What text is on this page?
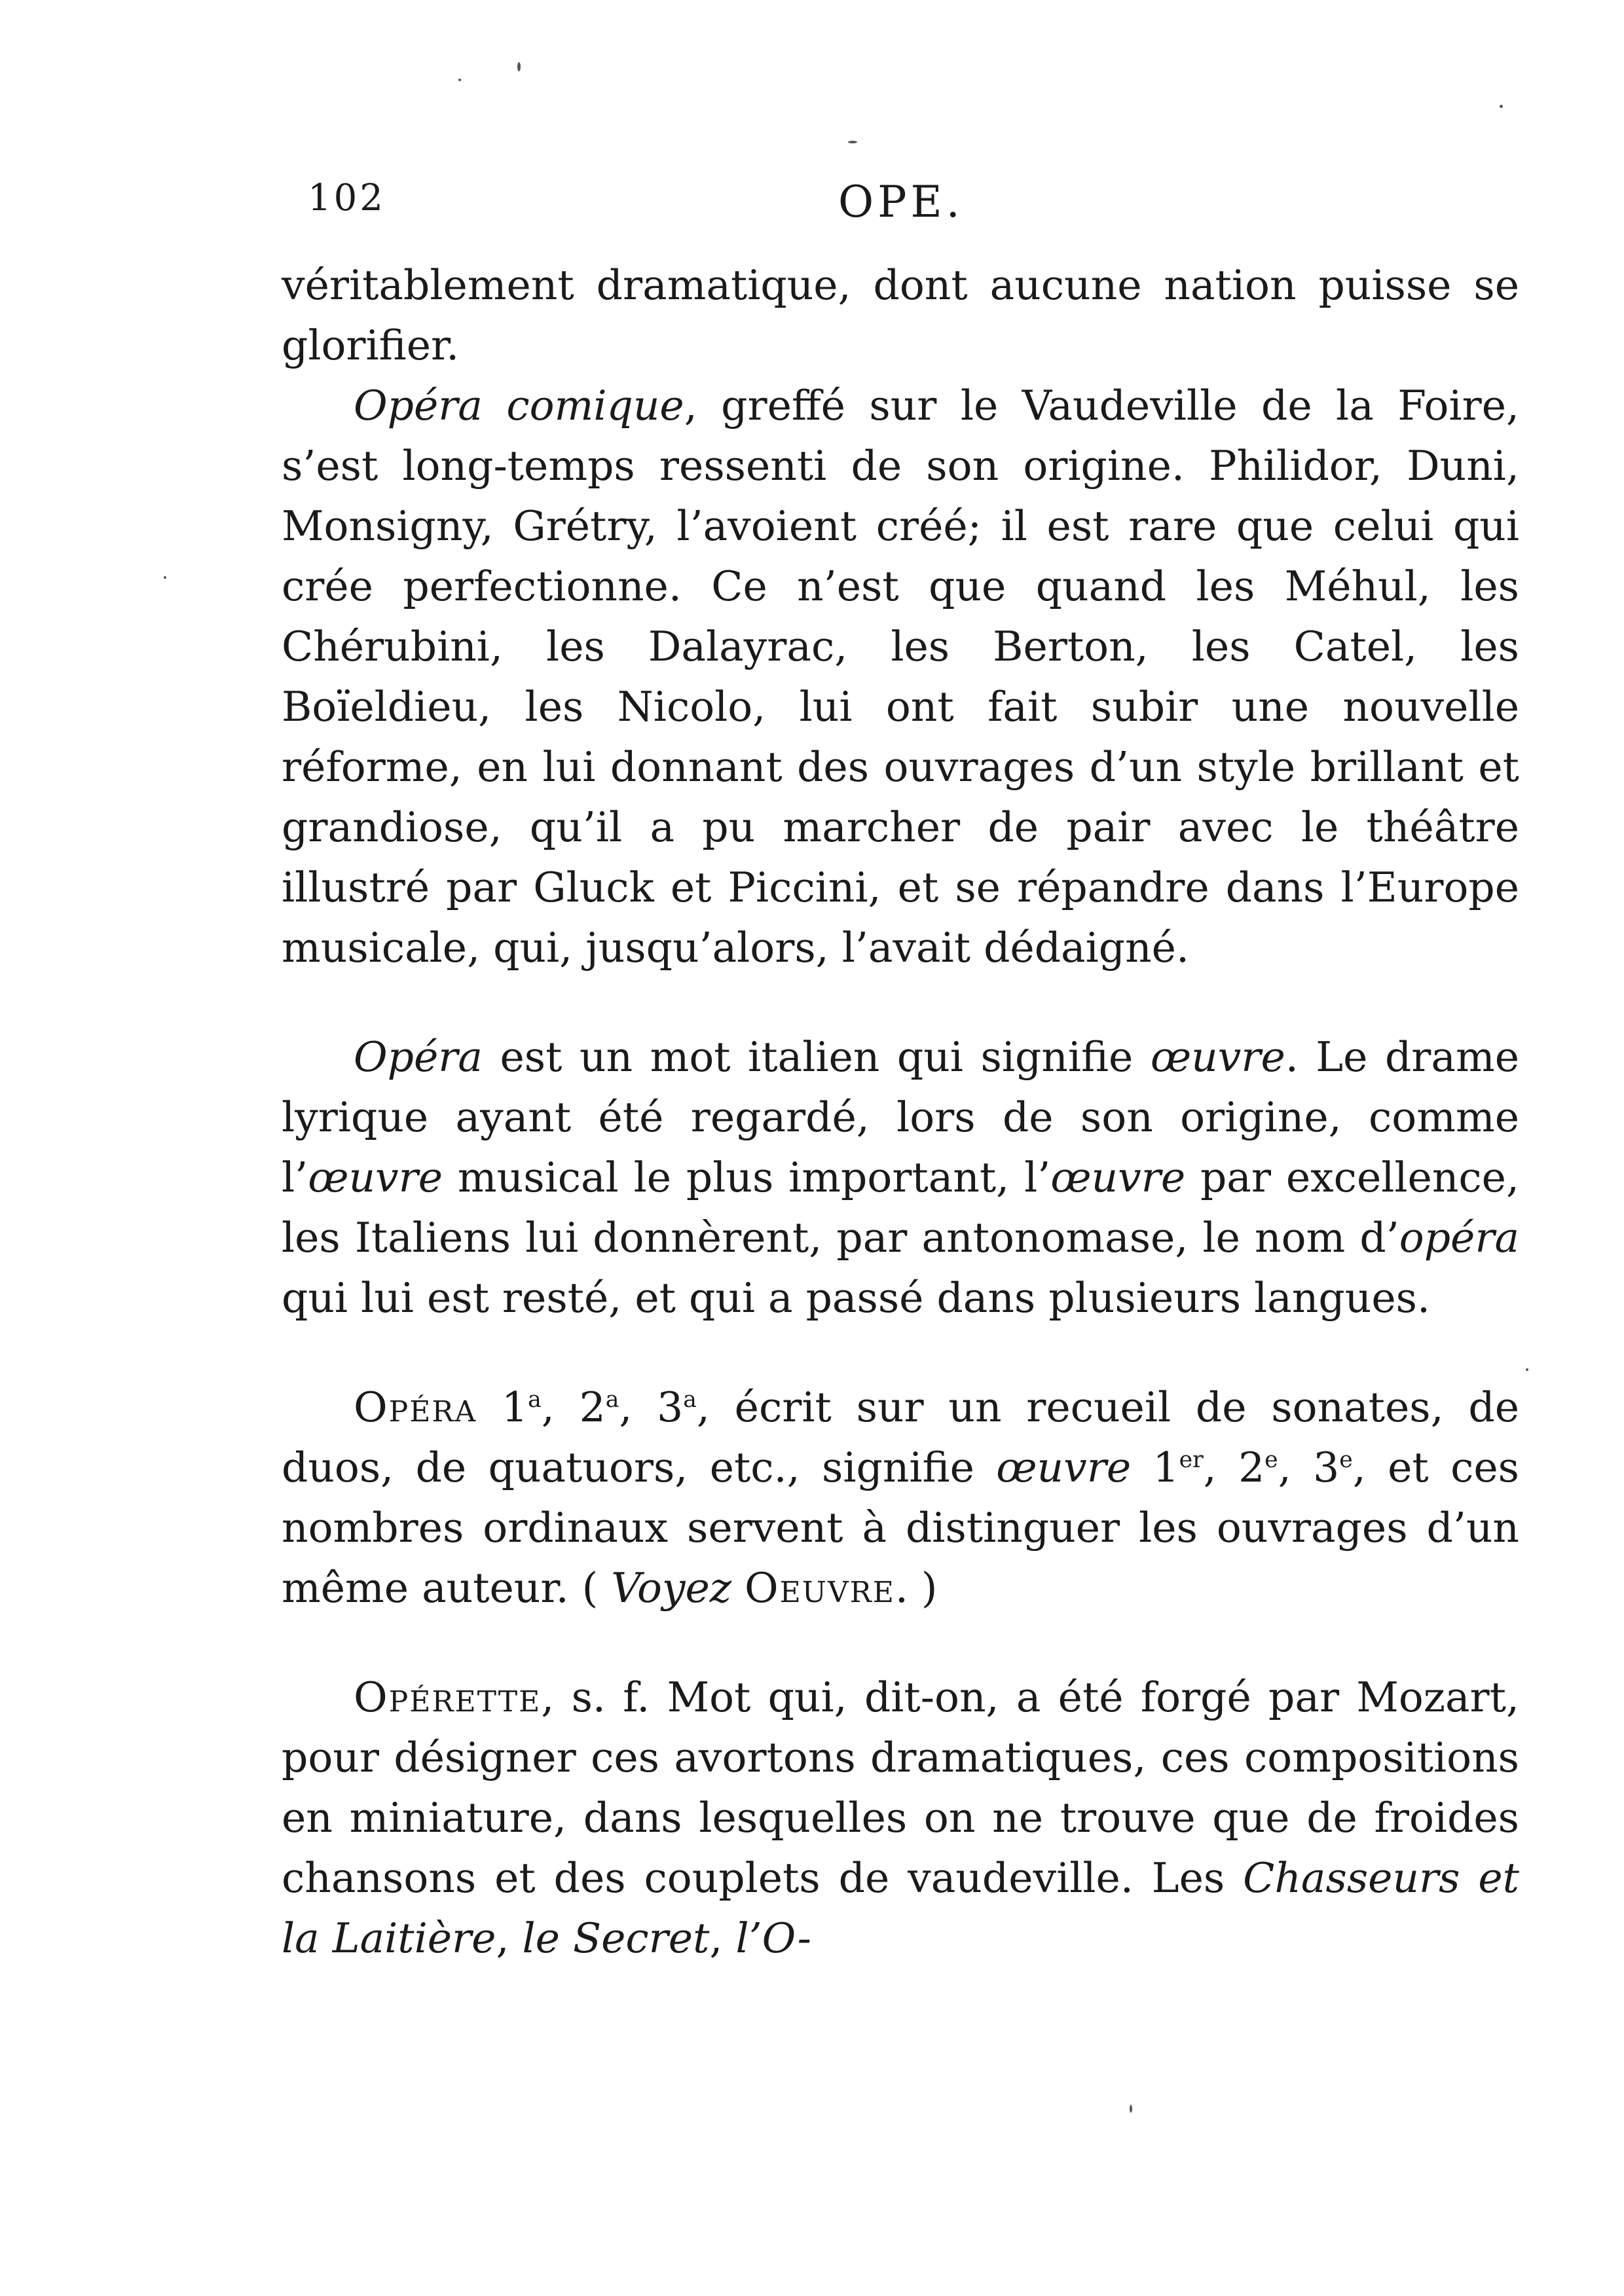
102	OPE.

véritablement dramatique, dont aucune nation puisse se glorifier.

Opéra comique, greffé sur le Vaudeville de la Foire, s’est long-temps ressenti de son origine. Philidor, Duni, Monsigny, Grétry, l’avoient créé; il est rare que celui qui crée perfectionne. Ce n’est que quand les Méhul, les Chérubini, les Dalayrac, les Berton, les Catel, les Boïeldieu, les Nicolo, lui ont fait subir une nouvelle réforme, en lui donnant des ouvrages d’un style brillant et grandiose, qu’il a pu marcher de pair avec le théâtre illustré par Gluck et Piccini, et se répandre dans l’Europe musicale, qui, jusqu’alors, l’avait dédaigné.

Opéra est un mot italien qui signifie œuvre. Le drame lyrique ayant été regardé, lors de son origine, comme l’œuvre musical le plus important, l’œuvre par excellence, les Italiens lui donnèrent, par antonomase, le nom d’opéra qui lui est resté, et qui a passé dans plusieurs langues.

Opéra 1$^a$, 2$^a$, 3$^a$, écrit sur un recueil de sonates, de duos, de quatuors, etc., signifie œuvre 1er, 2e, 3e, et ces nombres ordinaux servent à distinguer les ouvrages d’un même auteur. ( Voyez Oeuvre. )

Opérette, s. f. Mot qui, dit-on, a été forgé par Mozart, pour désigner ces avortons dramatiques, ces compositions en miniature, dans lesquelles on ne trouve que de froides chansons et des couplets de vaudeville. Les Chasseurs et la Laitière, le Secret, l’O-
